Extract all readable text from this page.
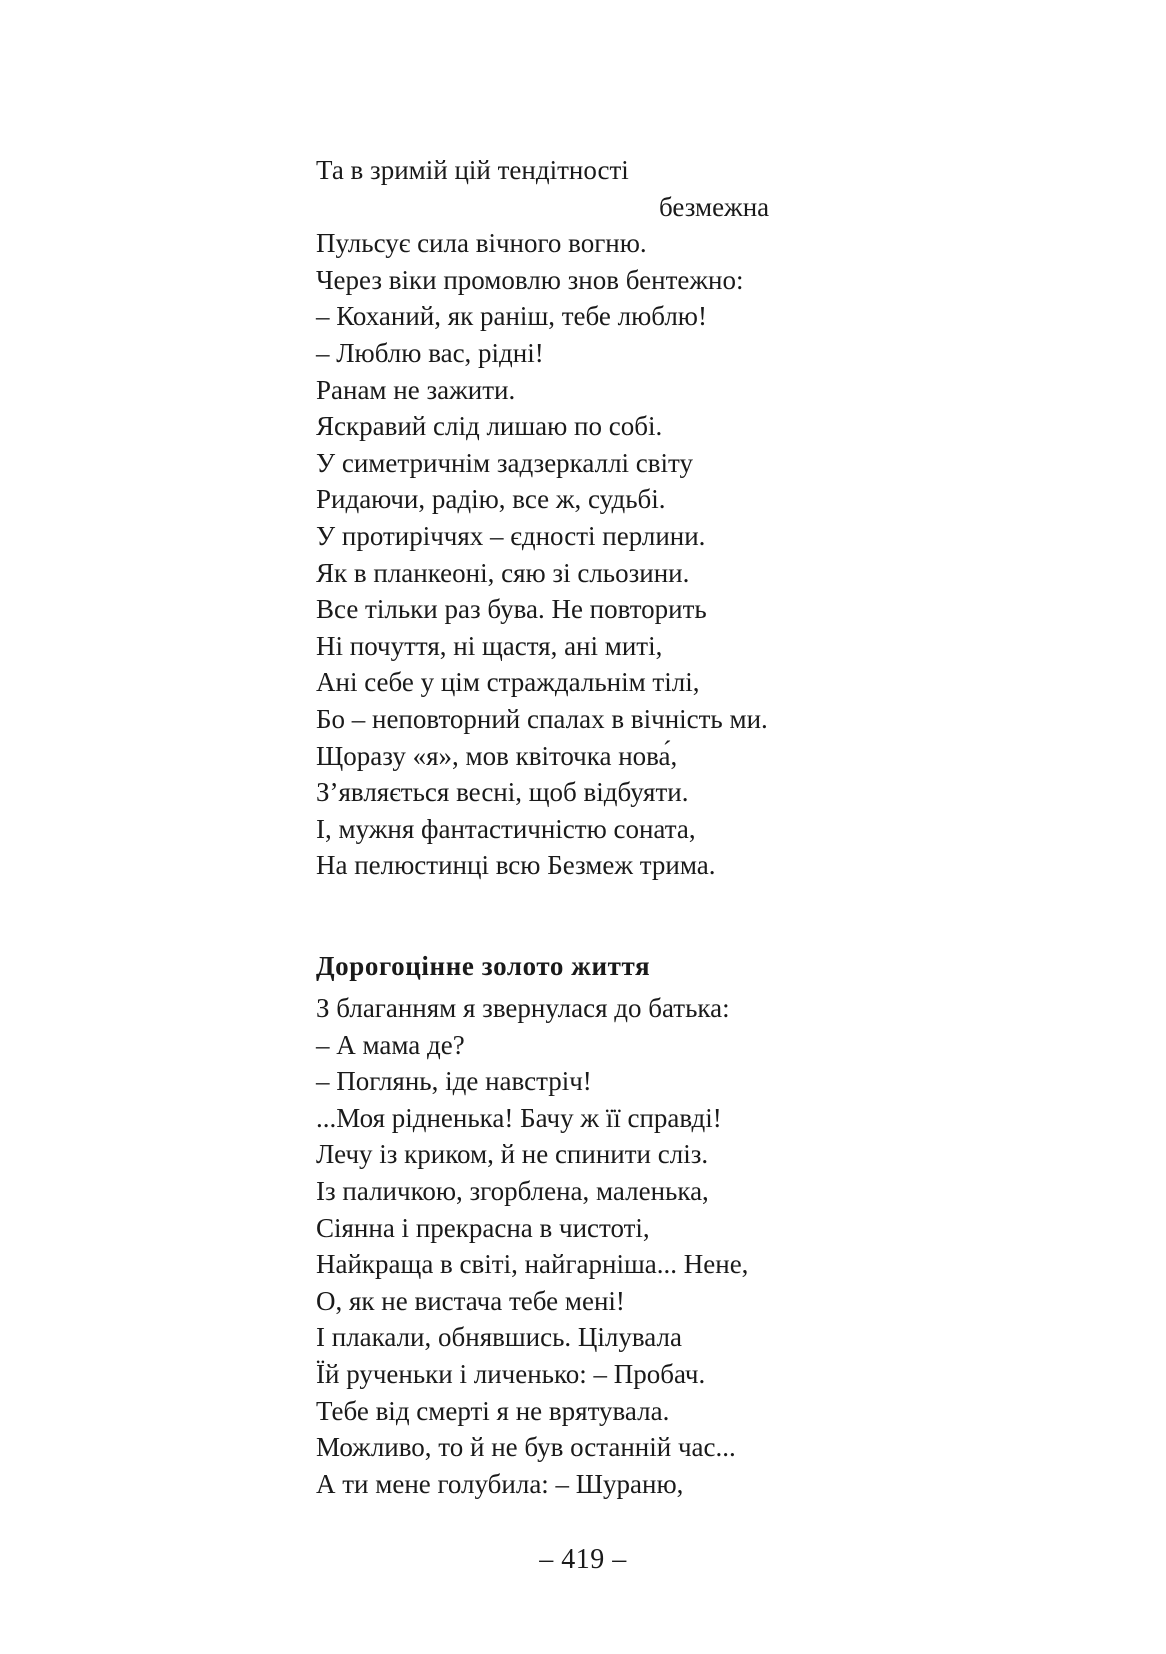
Та в зримій цій тендітності
безмежна
Пульсує сила вічного вогню.
Через віки промовлю знов бентежно:
– Коханий, як раніш, тебе люблю!
– Люблю вас, рідні!
Ранам не зажити.
Яскравий слід лишаю по собі.
У симетричнім задзеркаллі світу
Ридаючи, радію, все ж, судьбі.
У протиріччях – єдності перлини.
Як в планкеоні, сяю зі сльозини.
Все тільки раз бува. Не повторить
Ні почуття, ні щастя, ані миті,
Ані себе у цім страждальнім тілі,
Бо – неповторний спалах в вічність ми.
Щоразу «я», мов квіточка нова́,
З’являється весні, щоб відбуяти.
І, мужня фантастичністю соната,
На пелюстинці всю Безмеж трима.
Дорогоцінне золото життя
З благанням я звернулася до батька:
– А мама де?
– Поглянь, іде навстріч!
...Моя рідненька! Бачу ж її справді!
Лечу із криком, й не спинити сліз.
Із паличкою, згорблена, маленька,
Сіянна і прекрасна в чистоті,
Найкраща в світі, найгарніша... Нене,
О, як не вистача тебе мені!
І плакали, обнявшись. Цілувала
Їй рученьки і личенько: – Пробач.
Тебе від смерті я не врятувала.
Можливо, то й не був останній час...
А ти мене голубила: – Шураню,
– 419 –
